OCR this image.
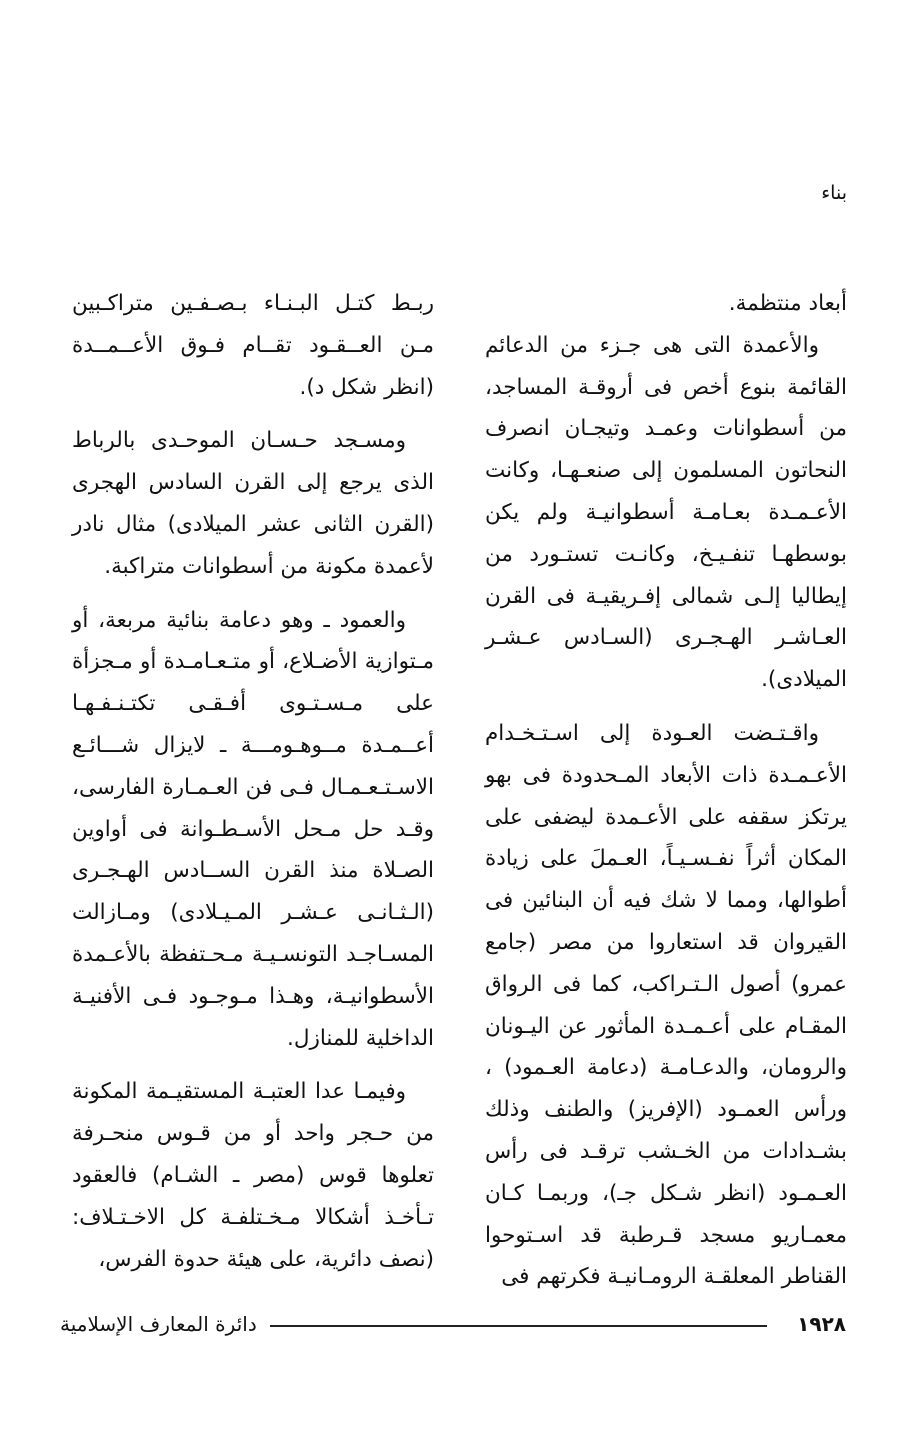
بناء

أبعاد منتظمة.

والأعمدة التى هى جـزء من الدعائم القائمة بنوع أخص فى أروقـة المساجد، من أسطوانات وعمـد وتيجـان انصرف النحاتون المسلمون إلى صنعـهـا، وكانت الأعـمـدة بعـامـة أسطوانيـة ولم يكن بوسطهـا تنفـيـخ، وكانـت تستـورد من إيطاليا إلـى شمالى إفـريقيـة فى القرن العـاشـر الهـجـرى (السـادس عـشـر الميلادى).

واقـتـضت العـودة إلى اسـتـخـدام الأعـمـدة ذات الأبعاد المـحدودة فى بهو يرتكز سقفه على الأعـمدة ليضفى على المكان أثراً نفـسـيـاً، العـملَ على زيادة أطوالها، ومما لا شك فيه أن البنائين فى القيروان قد استعاروا من مصر (جامع عمرو) أصول الـتـراكب، كما فى الرواق المقـام على أعـمـدة المأثور عن اليـونان والرومان، والدعـامـة (دعامة العـمود) ، ورأس العمـود (الإفريز) والطنف وذلك بشـدادات من الخـشب ترقـد فى رأس العـمـود (انظر شـكل جـ)، وربمـا كـان معمـاريو مسجد قـرطبة قد اسـتوحوا القناطر المعلقـة الرومـانيـة فكرتهم فى

ربـط كتـل البـنـاء بـصـفـين متراكـبين مـن العــقـود تقــام فـوق الأعــمــدة (انظر شكل د).

ومسـجد حـسـان الموحـدى بالرباط الذى يرجع إلى القرن السادس الهجرى (القرن الثانى عشر الميلادى) مثال نادر لأعمدة مكونة من أسطوانات متراكبة.

والعمود ـ وهو دعامة بنائية مربعة، أو مـتوازية الأضـلاع، أو متـعـامـدة أو مـجزأة على مـسـتـوى أفـقـى تكتـنـفـهـا أعــمـدة مــوهـومـــة ـ لايزال شـــائـع الاسـتـعـمـال فـى فن العـمـارة الفارسى، وقـد حل مـحل الأسـطـوانة فى أواوين الصـلاة منذ القرن الســادس الهـجـرى (الـثـانـى عـشـر المـيـلادى) ومـازالت المسـاجـد التونسـيـة مـحـتفظة بالأعـمدة الأسطوانيـة، وهـذا مـوجـود فـى الأفنيـة الداخلية للمنازل.

وفيمـا عدا العتبـة المستقيـمة المكونة من حـجر واحد أو من قـوس منحـرفة تعلوها قوس (مصر ـ الشـام) فالعقود تـأخـذ أشكالا مـخـتلفـة كل الاخـتـلاف: (نصف دائرية، على هيئة حدوة الفرس،

١٩٢٨
دائرة المعارف الإسلامية
